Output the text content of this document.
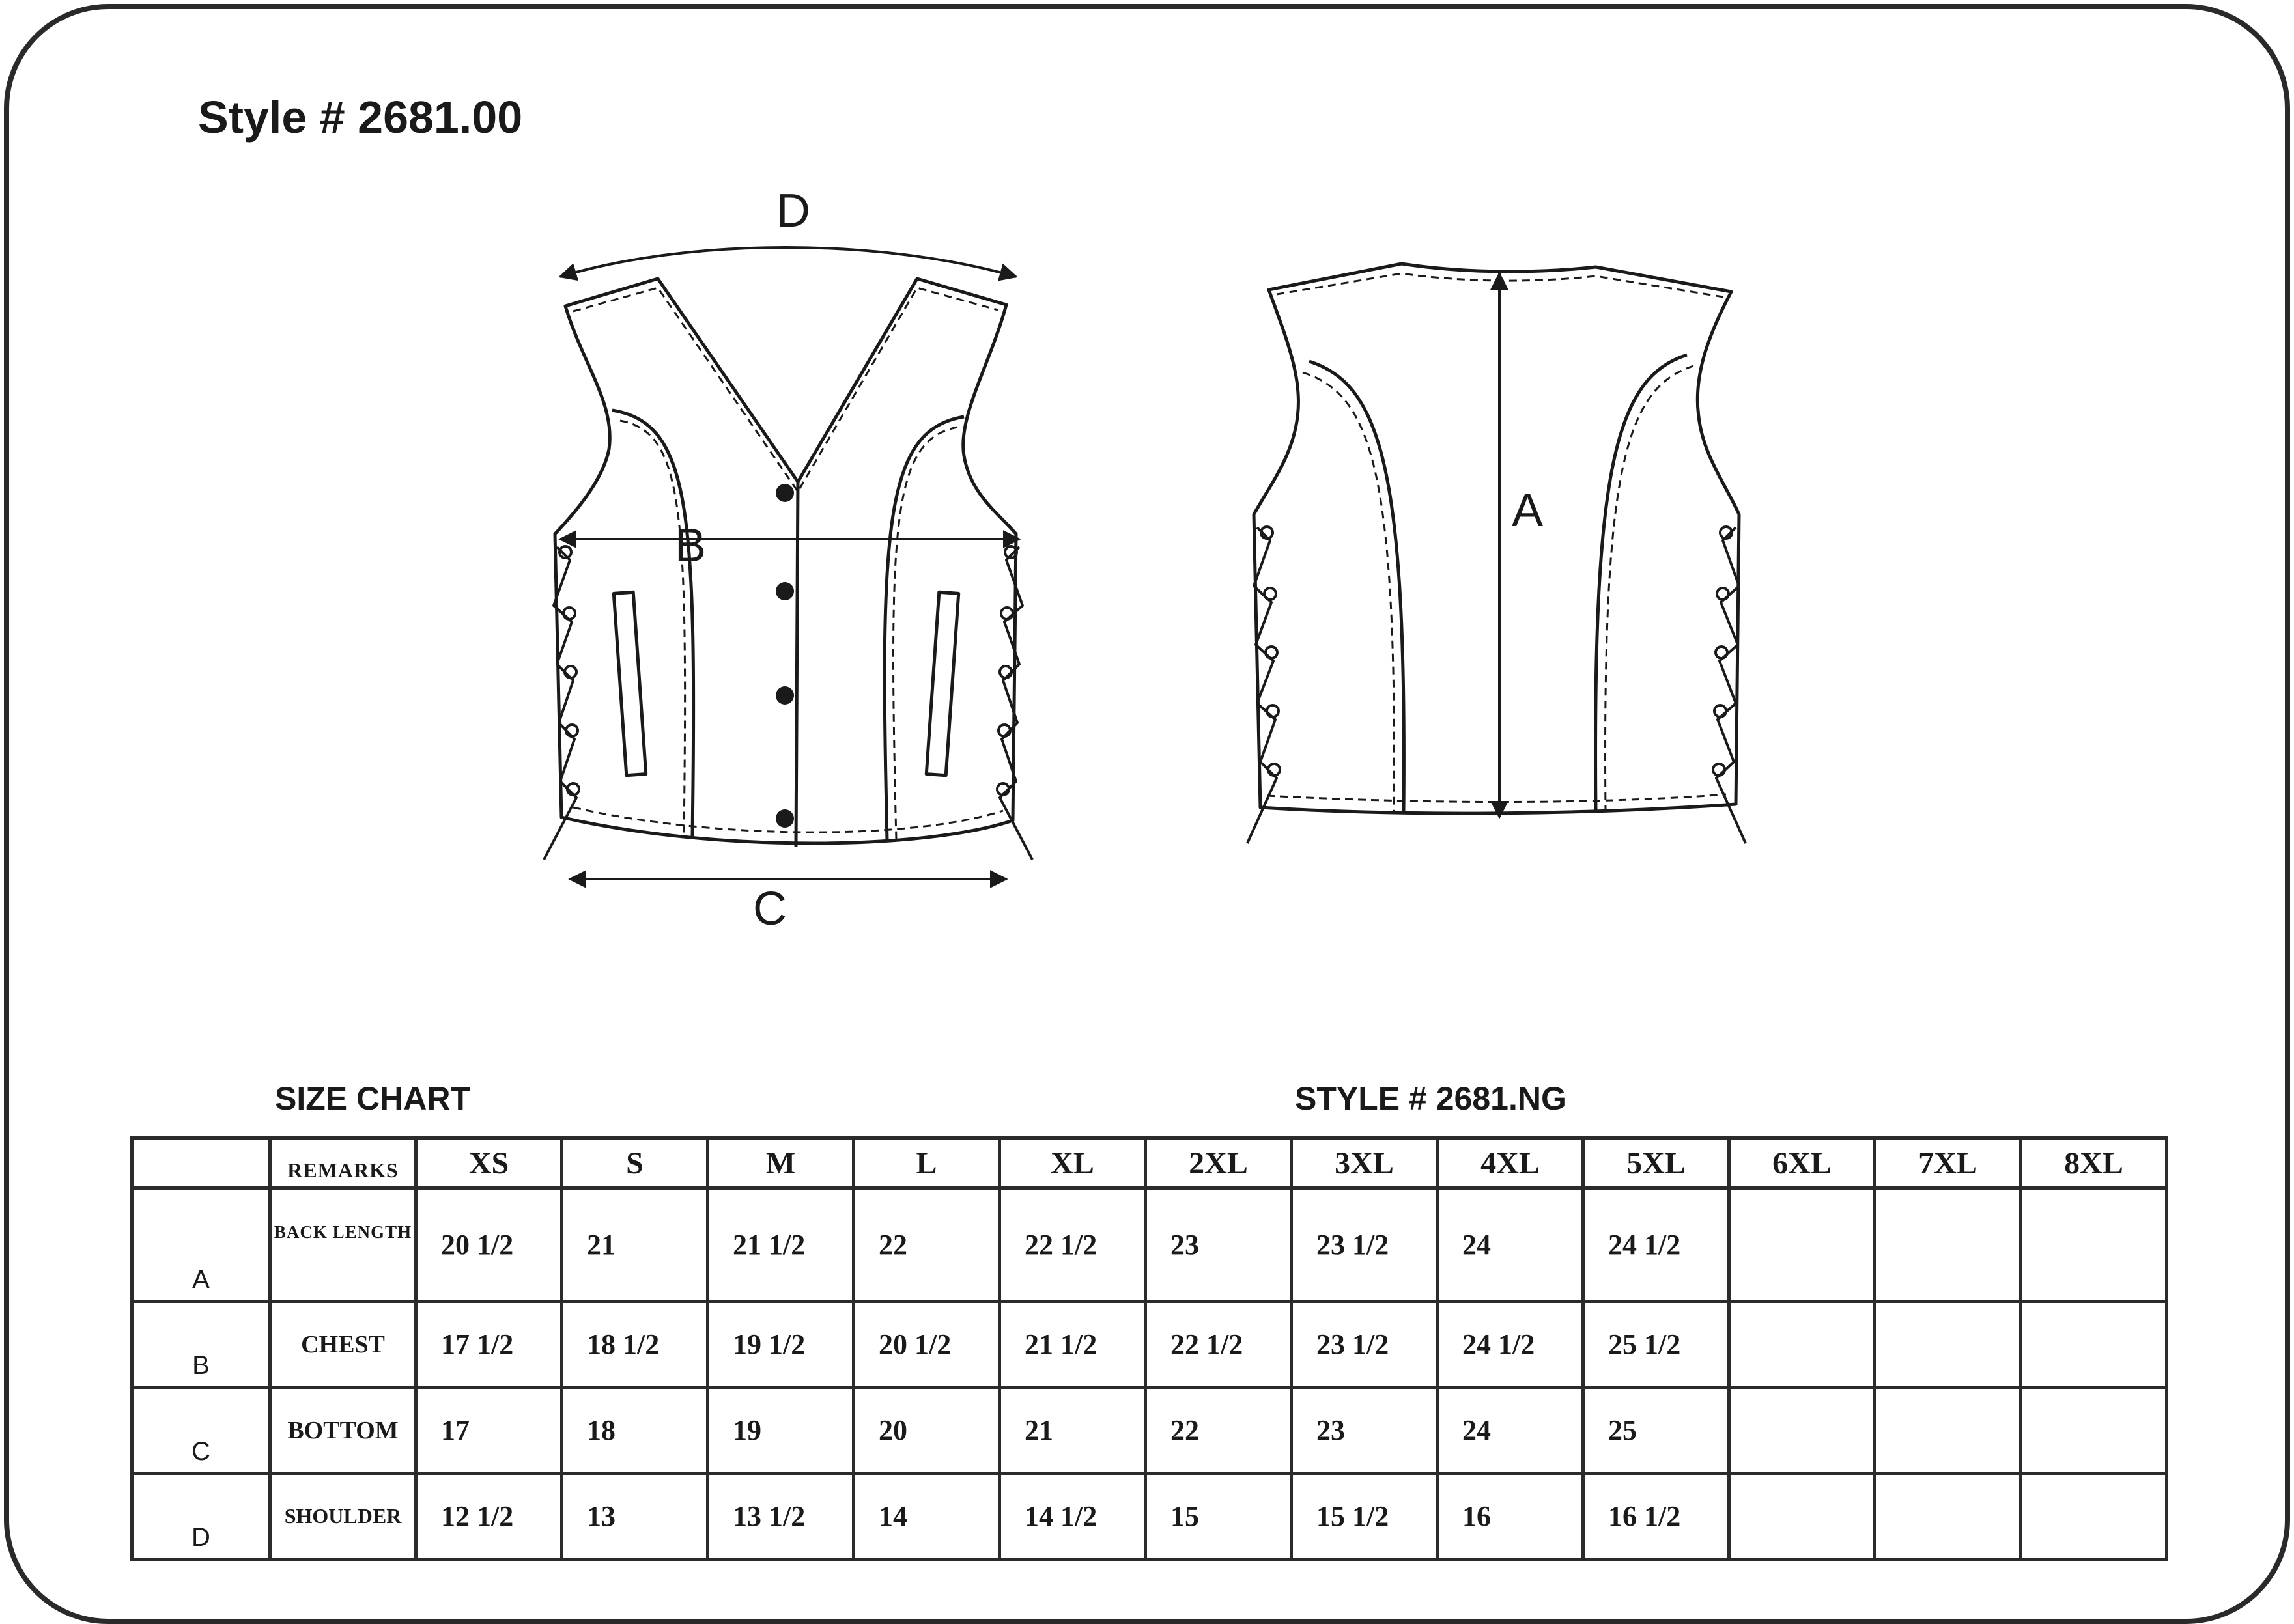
Style # 2681.00
D
B
C
A
SIZE CHART	STYLE # 2681.NG
	REMARKS	XS	S	M	L	XL	2XL	3XL	4XL	5XL	6XL	7XL	8XL
A	BACK LENGTH	20 1/2	21	21 1/2	22	22 1/2	23	23 1/2	24	24 1/2			
B	CHEST	17 1/2	18 1/2	19 1/2	20 1/2	21 1/2	22 1/2	23 1/2	24 1/2	25 1/2			
C	BOTTOM	17	18	19	20	21	22	23	24	25			
D	SHOULDER	12 1/2	13	13 1/2	14	14 1/2	15	15 1/2	16	16 1/2			
